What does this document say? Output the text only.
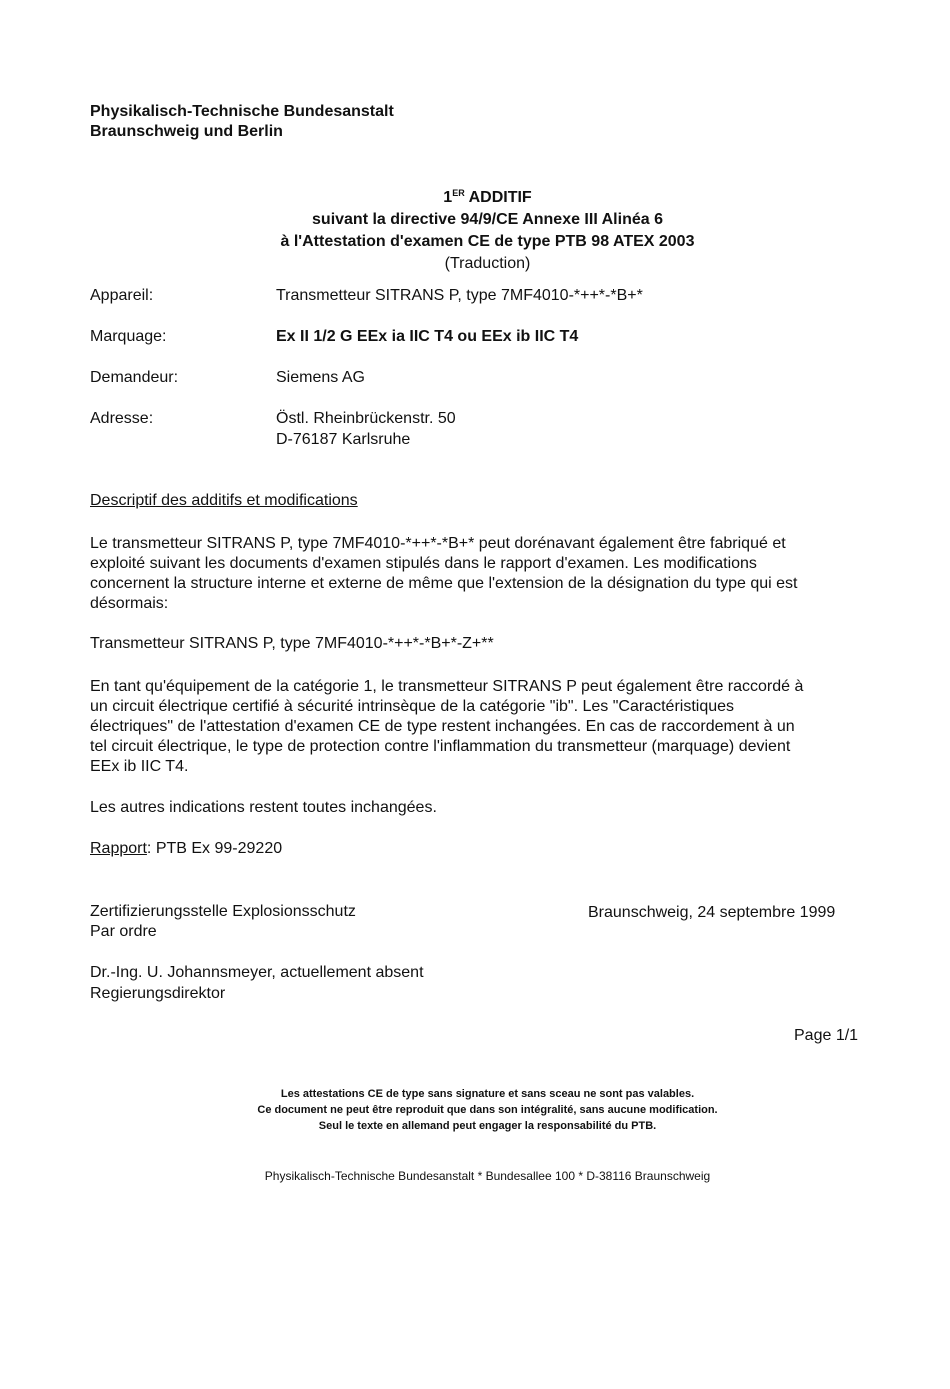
Physikalisch-Technische Bundesanstalt
Braunschweig und Berlin
1ER ADDITIF
suivant la directive 94/9/CE Annexe III Alinéa 6
à l'Attestation d'examen CE de type PTB 98 ATEX 2003
(Traduction)
Appareil:	Transmetteur SITRANS P, type 7MF4010-*++*-*B+*
Marquage:	Ex II 1/2 G EEx ia IIC T4 ou EEx ib IIC T4
Demandeur:	Siemens AG
Adresse:	Östl. Rheinbrückenstr. 50
D-76187 Karlsruhe
Descriptif des additifs et modifications
Le transmetteur SITRANS P, type 7MF4010-*++*-*B+* peut dorénavant également être fabriqué et
exploité suivant les documents d'examen stipulés dans le rapport d'examen. Les modifications
concernent la structure interne et externe de même que l'extension de la désignation du type qui est
désormais:
Transmetteur SITRANS P, type 7MF4010-*++*-*B+*-Z+**
En tant qu'équipement de la catégorie 1, le transmetteur SITRANS P peut également être raccordé à
un circuit électrique certifié à sécurité intrinsèque de la catégorie "ib". Les "Caractéristiques
électriques" de l'attestation d'examen CE de type restent inchangées. En cas de raccordement à un
tel circuit électrique, le type de protection contre l'inflammation du transmetteur (marquage) devient
EEx ib IIC T4.
Les autres indications restent toutes inchangées.
Rapport: PTB Ex 99-29220
Zertifizierungsstelle Explosionsschutz
Par ordre
Braunschweig, 24 septembre 1999
Dr.-Ing. U. Johannsmeyer, actuellement absent
Regierungsdirektor
Page 1/1
Les attestations CE de type sans signature et sans sceau ne sont pas valables.
Ce document ne peut être reproduit que dans son intégralité, sans aucune modification.
Seul le texte en allemand peut engager la responsabilité du PTB.
Physikalisch-Technische Bundesanstalt * Bundesallee 100 * D-38116 Braunschweig
